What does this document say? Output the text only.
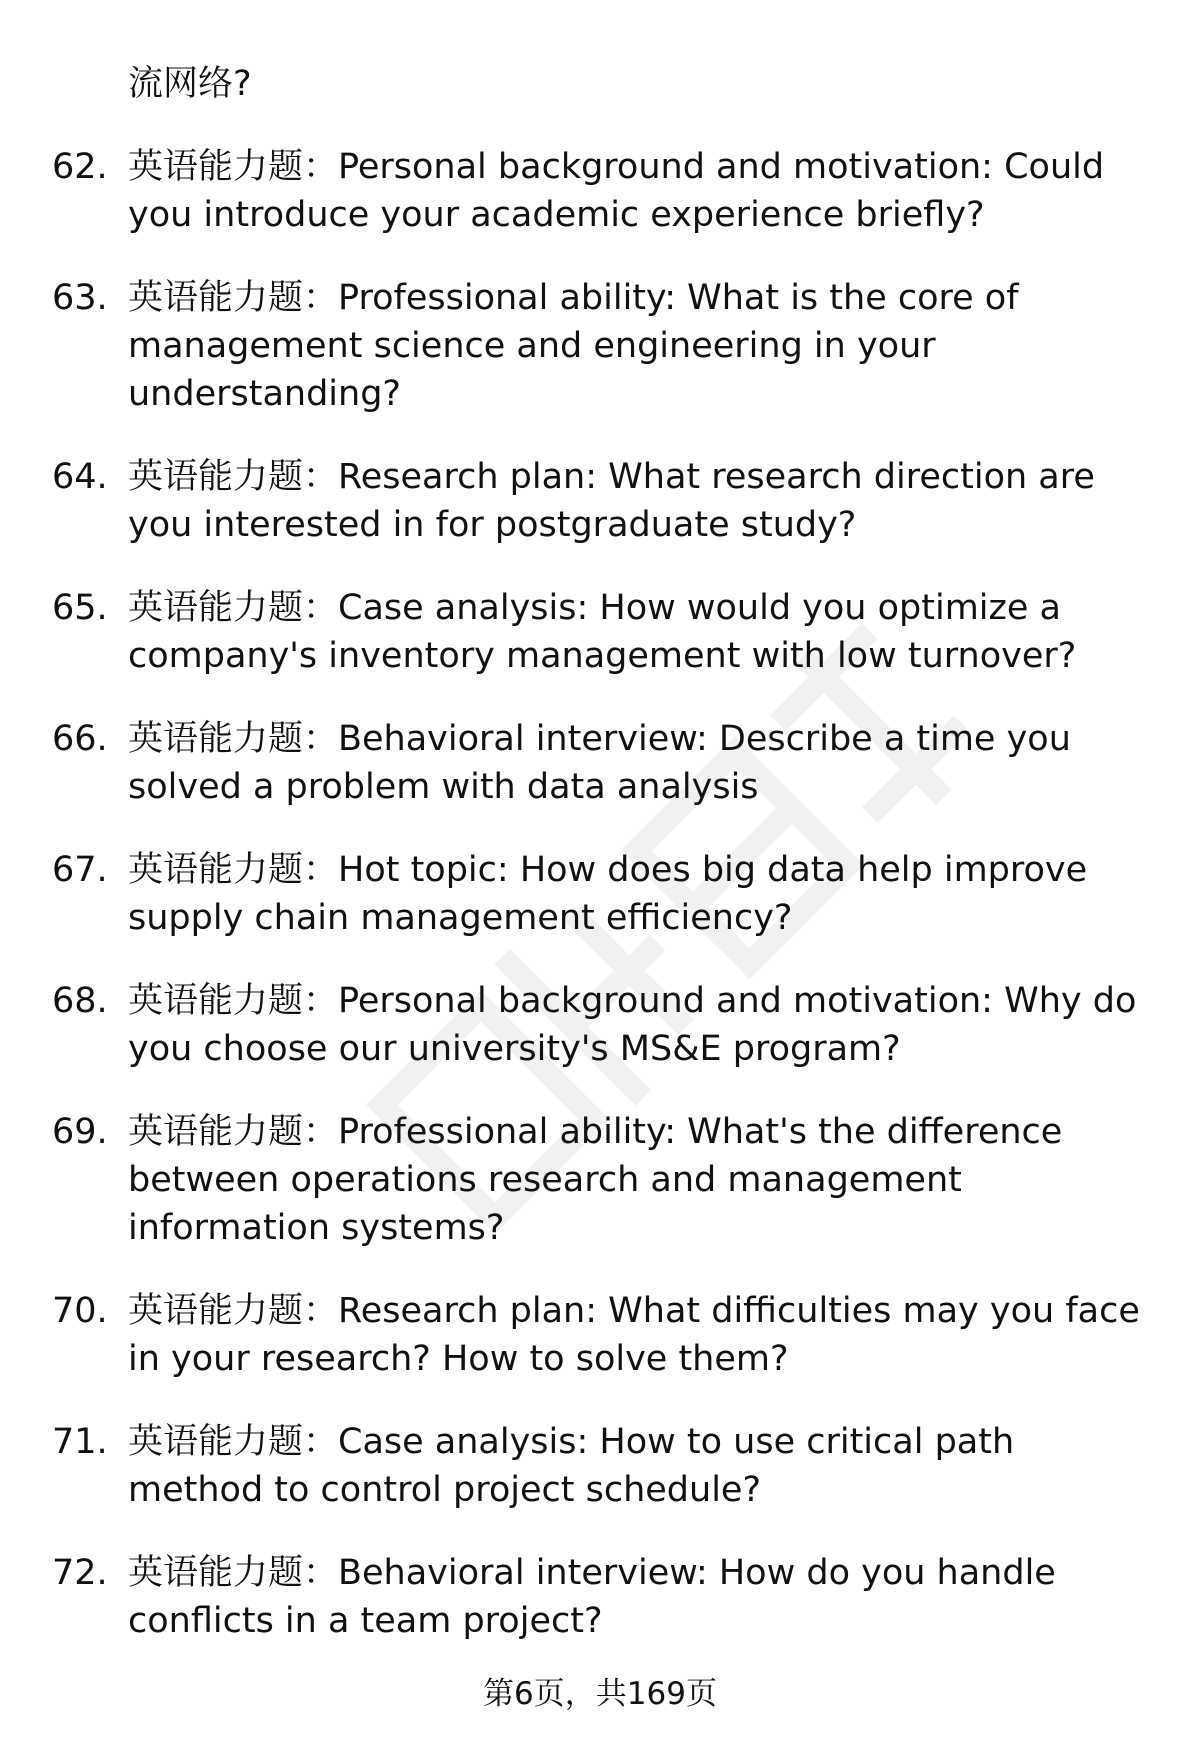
流网络?

62. 英语能力题：Personal background and motivation: Could you introduce your academic experience briefly?
63. 英语能力题：Professional ability: What is the core of management science and engineering in your understanding?
64. 英语能力题：Research plan: What research direction are you interested in for postgraduate study?
65. 英语能力题：Case analysis: How would you optimize a company's inventory management with low turnover?
66. 英语能力题：Behavioral interview: Describe a time you solved a problem with data analysis
67. 英语能力题：Hot topic: How does big data help improve supply chain management efficiency?
68. 英语能力题：Personal background and motivation: Why do you choose our university's MS&E program?
69. 英语能力题：Professional ability: What's the difference between operations research and management information systems?
70. 英语能力题：Research plan: What difficulties may you face in your research? How to solve them?
71. 英语能力题：Case analysis: How to use critical path method to control project schedule?
72. 英语能力题：Behavioral interview: How do you handle conflicts in a team project?
第6页，共169页
